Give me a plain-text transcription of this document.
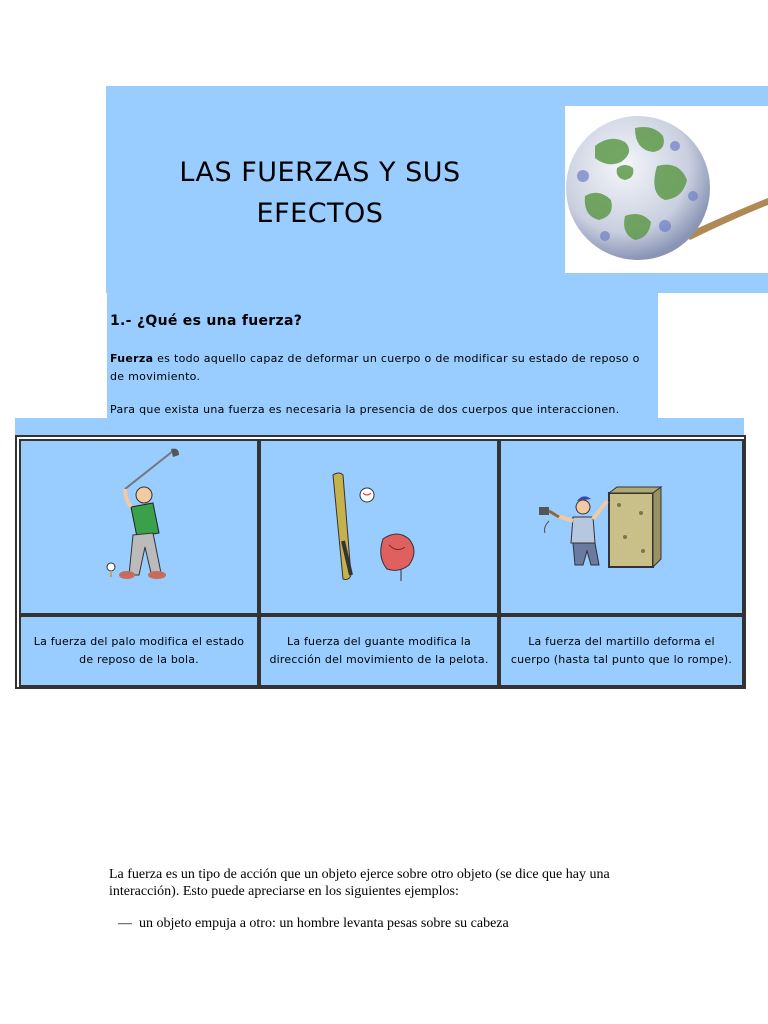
LAS FUERZAS Y SUS
EFECTOS
1.- ¿Qué es una fuerza?
Fuerza es todo aquello capaz de deformar un cuerpo o de modificar su estado de reposo o de movimiento.
Para que exista una fuerza es necesaria la presencia de dos cuerpos que interaccionen.
La fuerza del palo modifica el estado de reposo de la bola.
La fuerza del guante modifica la dirección del movimiento de la pelota.
La fuerza del martillo deforma el cuerpo (hasta tal punto que lo rompe).
La fuerza es un tipo de acción que un objeto ejerce sobre otro objeto (se dice que hay una interacción). Esto puede apreciarse en los siguientes ejemplos:
— un objeto empuja a otro: un hombre levanta pesas sobre su cabeza
